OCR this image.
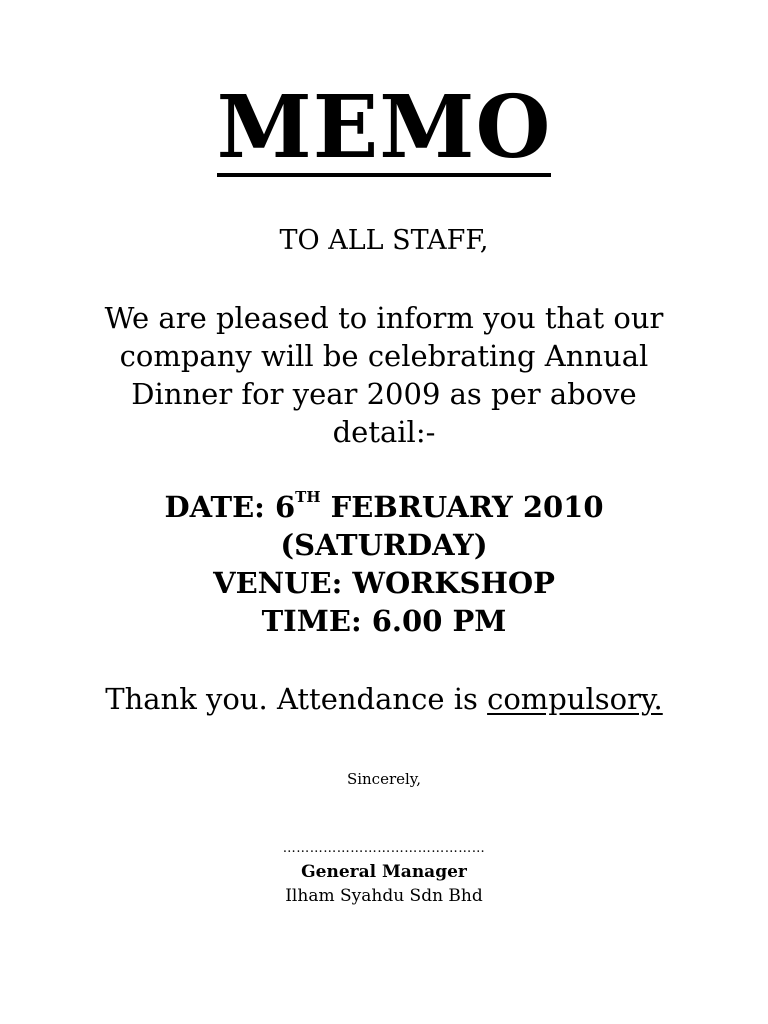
MEMO
TO ALL STAFF,
We are pleased to inform you that our
company will be celebrating Annual
Dinner for year 2009 as per above
detail:-
DATE: 6TH FEBRUARY 2010
(SATURDAY)
VENUE: WORKSHOP
TIME: 6.00 PM
Thank you. Attendance is compulsory.
Sincerely,
………………………………………
General Manager
Ilham Syahdu Sdn Bhd
